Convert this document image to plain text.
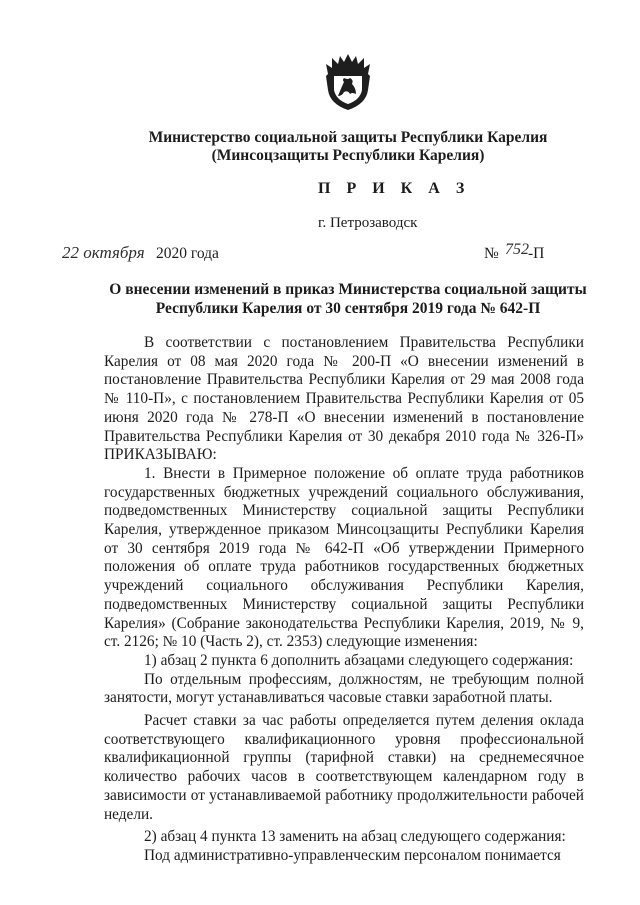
Министерство социальной защиты Республики Карелия
(Минсоцзащиты Республики Карелия)
П Р И К А З
г. Петрозаводск
22 октября 2020 года	№ 752 -П
О внесении изменений в приказ Министерства социальной защиты Республики Карелия от 30 сентября 2019 года № 642-П

В соответствии с постановлением Правительства Республики Карелия от 08 мая 2020 года № 200-П «О внесении изменений в постановление Правительства Республики Карелия от 29 мая 2008 года № 110-П», с постановлением Правительства Республики Карелия от 05 июня 2020 года № 278-П «О внесении изменений в постановление Правительства Республики Карелия от 30 декабря 2010 года № 326-П» ПРИКАЗЫВАЮ:

1. Внести в Примерное положение об оплате труда работников государственных бюджетных учреждений социального обслуживания, подведомственных Министерству социальной защиты Республики Карелия, утвержденное приказом Минсоцзащиты Республики Карелия от 30 сентября 2019 года № 642-П «Об утверждении Примерного положения об оплате труда работников государственных бюджетных учреждений социального обслуживания Республики Карелия, подведомственных Министерству социальной защиты Республики Карелия» (Собрание законодательства Республики Карелия, 2019, № 9, ст. 2126; № 10 (Часть 2), ст. 2353) следующие изменения:

1) абзац 2 пункта 6 дополнить абзацами следующего содержания:

По отдельным профессиям, должностям, не требующим полной занятости, могут устанавливаться часовые ставки заработной платы.

Расчет ставки за час работы определяется путем деления оклада соответствующего квалификационного уровня профессиональной квалификационной группы (тарифной ставки) на среднемесячное количество рабочих часов в соответствующем календарном году в зависимости от устанавливаемой работнику продолжительности рабочей недели.

2) абзац 4 пункта 13 заменить на абзац следующего содержания:

Под административно-управленческим персоналом понимается
